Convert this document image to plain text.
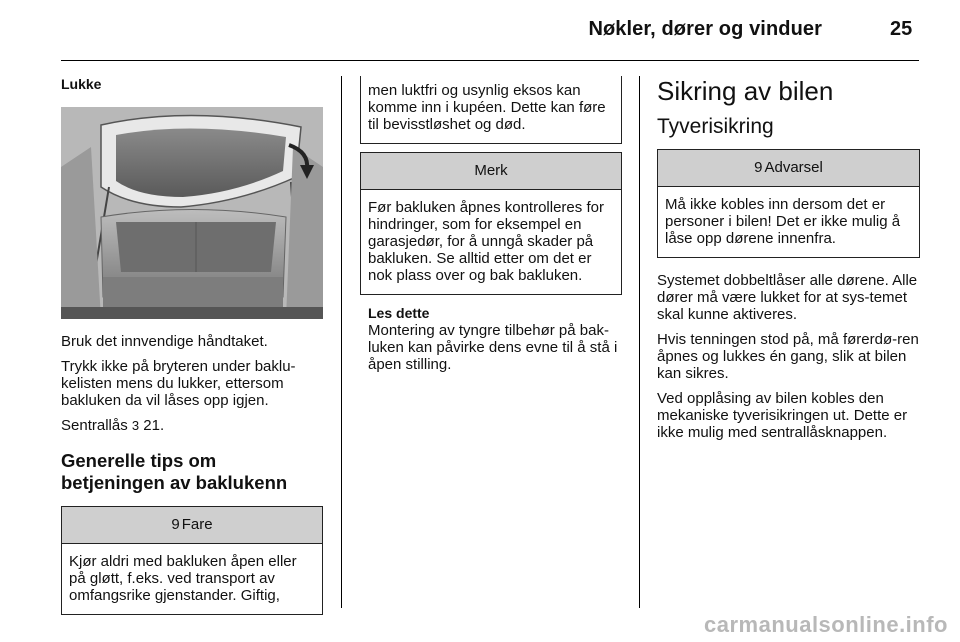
Nøkler, dører og vinduer	25
Lukke

Bruk det innvendige håndtaket.

Trykk ikke på bryteren under baklu-kelisten mens du lukker, ettersom bakluken da vil låses opp igjen.

Sentrallås 3 21.

Generelle tips om betjeningen av baklukenn
9 Fare
Kjør aldri med bakluken åpen eller på gløtt, f.eks. ved transport av omfangsrike gjenstander. Giftig,
men luktfri og usynlig eksos kan komme inn i kupéen. Dette kan føre til bevisstløshet og død.
Merk
Før bakluken åpnes kontrolleres for hindringer, som for eksempel en garasjedør, for å unngå skader på bakluken. Se alltid etter om det er nok plass over og bak bakluken.
Les dette

Montering av tyngre tilbehør på bak-luken kan påvirke dens evne til å stå i åpen stilling.

Sikring av bilen
Tyverisikring
9 Advarsel
Må ikke kobles inn dersom det er personer i bilen! Det er ikke mulig å låse opp dørene innenfra.

Systemet dobbeltlåser alle dørene. Alle dører må være lukket for at sys-temet skal kunne aktiveres.

Hvis tenningen stod på, må førerdø-ren åpnes og lukkes én gang, slik at bilen kan sikres.

Ved opplåsing av bilen kobles den mekaniske tyverisikringen ut. Dette er ikke mulig med sentrallåsknappen.

carmanualsonline.info
